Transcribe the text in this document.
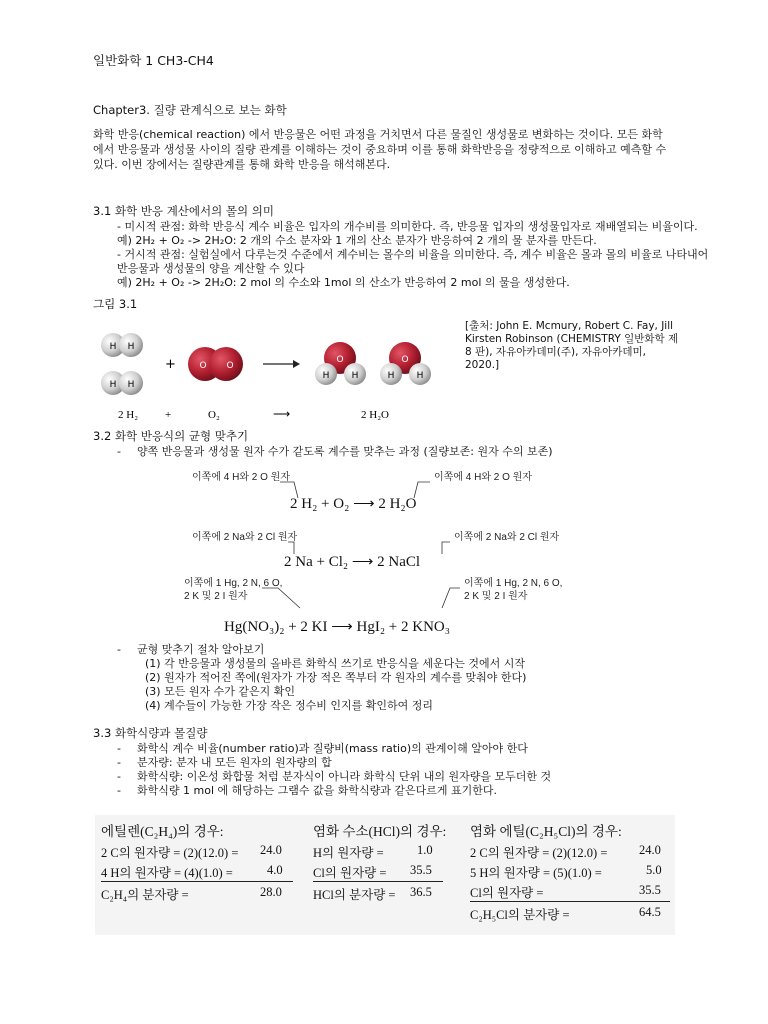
일반화학 1 CH3-CH4
Chapter3. 질량 관계식으로 보는 화학
화학 반응(chemical reaction) 에서 반응물은 어떤 과정을 거치면서 다른 물질인 생성물로 변화하는 것이다. 모든 화학에서 반응물과 생성물 사이의 질량 관계를 이해하는 것이 중요하며 이를 통해 화학반응을 정량적으로 이해하고 예측할 수 있다. 이번 장에서는 질량관계를 통해 화학 반응을 해석해본다.
3.1 화학 반응 계산에서의 몰의 의미
- 미시적 관점: 화학 반응식 계수 비율은 입자의 개수비를 의미한다. 즉, 반응물 입자의 생성물입자로 재배열되는 비율이다.
예) 2H₂ + O₂ -> 2H₂O: 2 개의 수소 분자와 1 개의 산소 분자가 반응하여 2 개의 물 분자를 만든다.
- 거시적 관점: 실험실에서 다루는것 수준에서 계수비는 몰수의 비율을 의미한다. 즉, 계수 비율은 몰과 몰의 비율로 나타내어
반응물과 생성물의 양을 계산할 수 있다
예) 2H₂ + O₂ -> 2H₂O: 2 mol 의 수소와 1mol 의 산소가 반응하여 2 mol 의 물을 생성한다.
그림 3.1
H H
H H
+	O O
O
H H
O
H H
2 H₂ +	O₂	⟶	2 H₂O
[출처: John E. Mcmury, Robert C. Fay, Jill Kirsten Robinson (CHEMISTRY 일반화학 제 8 판), 자유아카데미(주), 자유아카데미, 2020.]
3.2 화학 반응식의 균형 맞추기
- 양쪽 반응물과 생성물 원자 수가 같도록 계수를 맞추는 과정 (질량보존: 원자 수의 보존)
이쪽에 4 H와 2 O 원자	이쪽에 4 H와 2 O 원자
이쪽에 2 Na와 2 Cl 원자	이쪽에 2 Na와 2 Cl 원자
이쪽에 1 Hg, 2 N, 6 O,
2 K 및 2 I 원자
이쪽에 1 Hg, 2 N, 6 O,
2 K 및 2 I 원자
2 H₂ + O₂ ⟶ 2 H₂O
2 Na + Cl₂ ⟶ 2 NaCl
Hg(NO₃)₂ + 2 KI ⟶ HgI₂ + 2 KNO₃
- 균형 맞추기 절차 알아보기
(1) 각 반응물과 생성물의 올바른 화학식 쓰기로 반응식을 세운다는 것에서 시작
(2) 원자가 적어진 쪽에(원자가 가장 적은 쪽부터 각 원자의 계수를 맞춰야 한다)
(3) 모든 원자 수가 같은지 확인
(4) 계수들이 가능한 가장 작은 정수비 인지를 확인하여 정리
3.3 화학식량과 몰질량
- 화학식 계수 비율(number ratio)과 질량비(mass ratio)의 관계이해 알아야 한다
- 분자량: 분자 내 모든 원자의 원자량의 합
- 화학식량: 이온성 화합물 처럼 분자식이 아니라 화학식 단위 내의 원자량을 모두더한 것
- 화학식량 1 mol 에 해당하는 그램수 값을 화학식량과 같은다르게 표기한다.
에틸렌(C₂H₄)의 경우:
2 C의 원자량 = (2)(12.0) = 24.0
4 H의 원자량 = (4)(1.0) =	4.0
C₂H₄의 분자량 =	28.0
염화 수소(HCl)의 경우:
H의 원자량 =	1.0
Cl의 원자량 = 35.5
HCl의 분자량 = 36.5
염화 에틸(C₂H₅Cl)의 경우:
2 C의 원자량 = (2)(12.0) =	24.0
5 H의 원자량 = (5)(1.0) =	5.0
Cl의 원자량 =	35.5
C₂H₅Cl의 분자량 =	64.5
